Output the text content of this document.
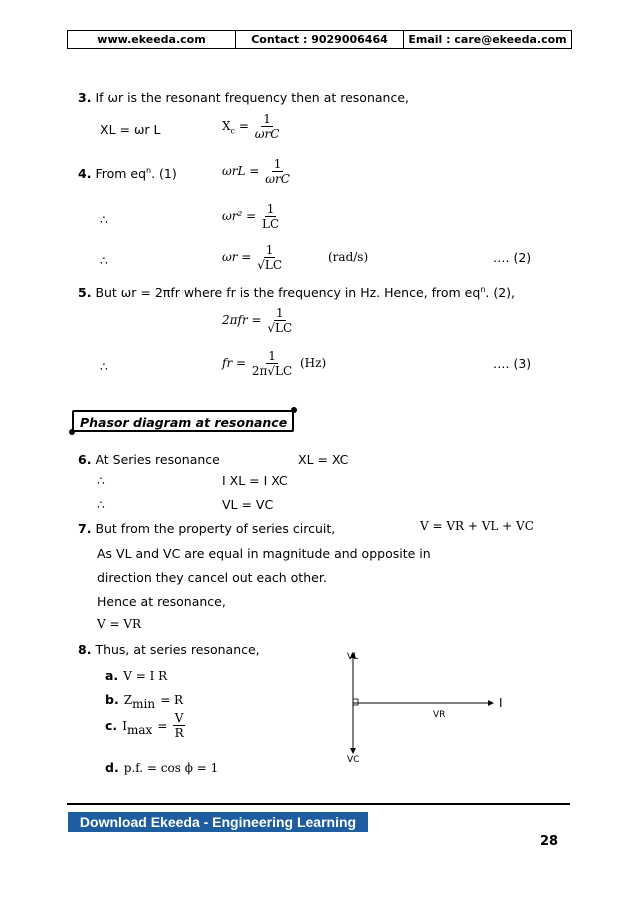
www.ekeeda.com	Contact : 9029006464	Email : care@ekeeda.com
3. If ωr is the resonant frequency then at resonance,
XL = ωr L	$X_c = \frac{1}{\text{ωrC}}$
4. From $eq^n$. (1)	$\omega rL = \frac{1}{\text{ωrC}}$
∴	$\omega r^2 = \frac{1}{LC}$
∴	$\omega r = \frac{1}{√LC}$	(rad/s)	…. (2)
5. But ωr = 2πfr where fr is the frequency in Hz. Hence, from $eq^n$. (2),
$2\pi fr = \frac{1}{√LC}$
∴	fr = $\frac{1}{2\pi√LC} (Hz)$	…. (3)
Phasor diagram at resonance
6. At Series resonance	XL = XC
∴	I XL = I XC
∴	VL = VC
7. But from the property of series circuit,	V = VR + VL + VC
As VL and VC are equal in magnitude and opposite in
direction they cancel out each other.
Hence at resonance,
V = VR
8. Thus, at series resonance,
a. V = I R
b. $Z_{min} = R$
c. $I_{max} = \frac{V}{R}$
d. p.f. = cos ϕ = 1
VL
VC
VR
I
Download Ekeeda - Engineering Learning App	28
